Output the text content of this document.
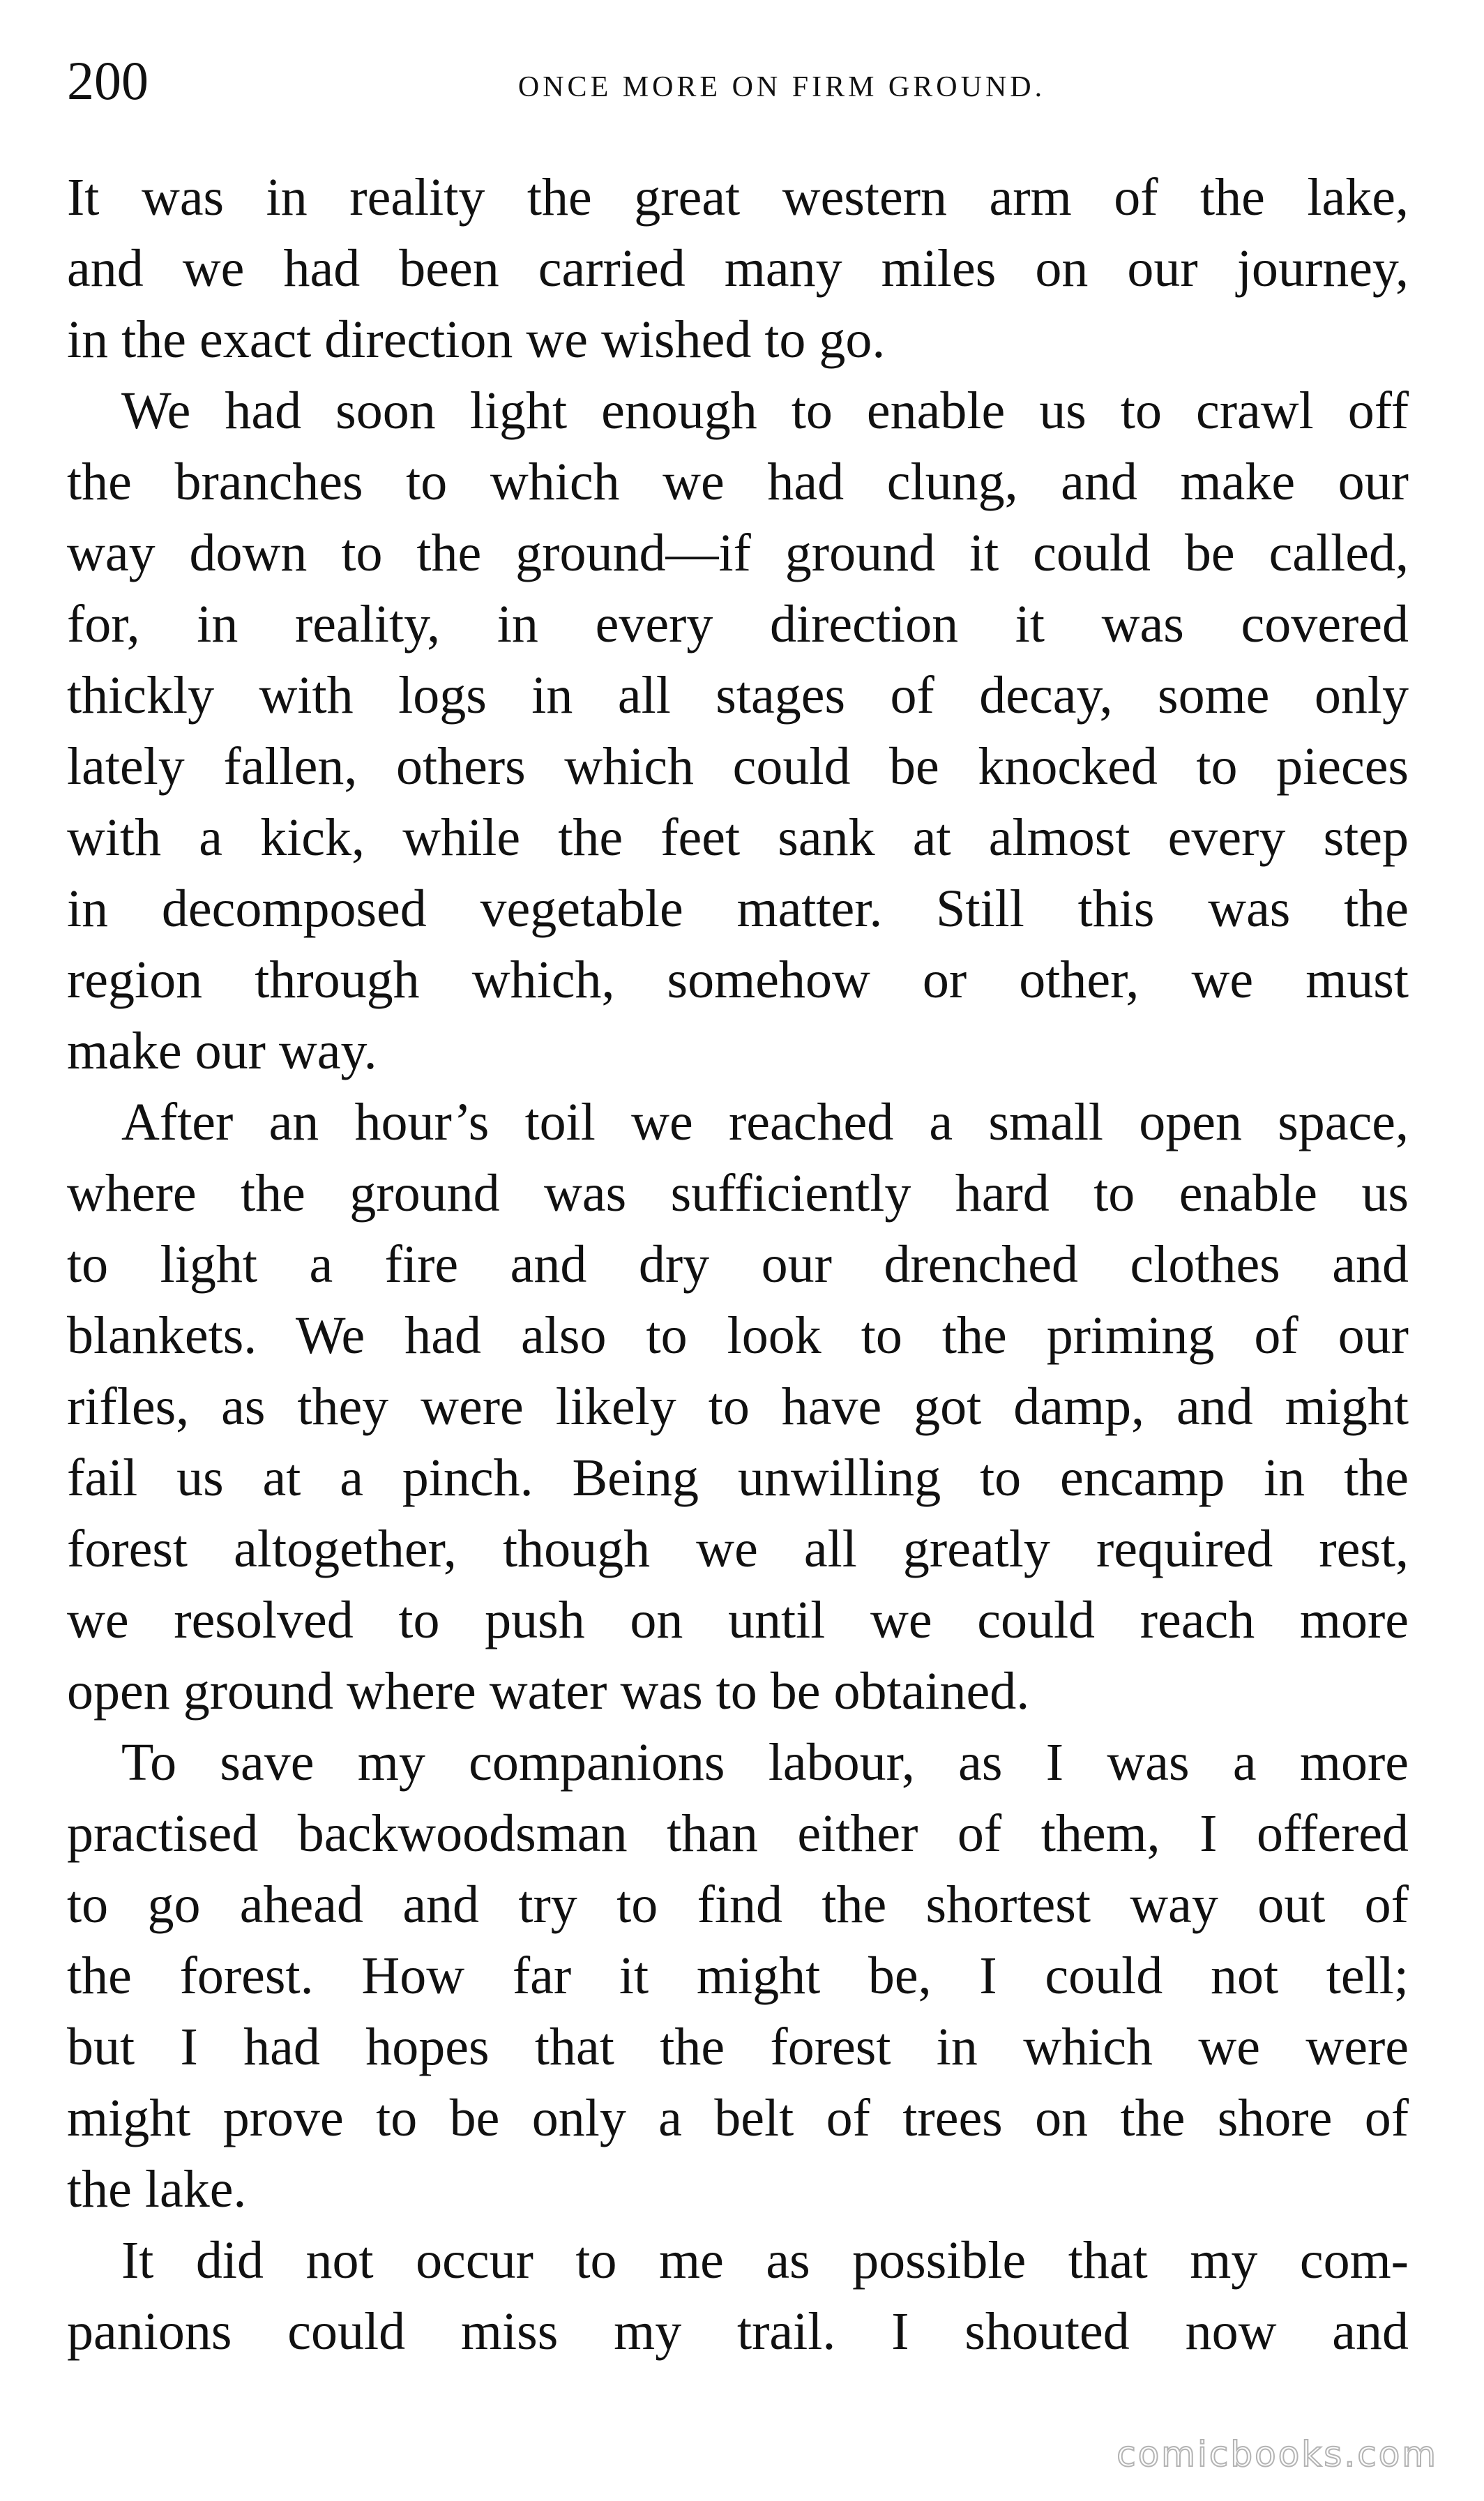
200	ONCE MORE ON FIRM GROUND.
It was in reality the great western arm of the lake,
and we had been carried many miles on our journey,
in the exact direction we wished to go.
We had soon light enough to enable us to crawl off
the branches to which we had clung, and make our
way down to the ground—if ground it could be called,
for, in reality, in every direction it was covered
thickly with logs in all stages of decay, some only
lately fallen, others which could be knocked to pieces
with a kick, while the feet sank at almost every step
in decomposed vegetable matter. Still this was the
region through which, somehow or other, we must
make our way.
After an hour’s toil we reached a small open space,
where the ground was sufficiently hard to enable us
to light a fire and dry our drenched clothes and
blankets. We had also to look to the priming of our
rifles, as they were likely to have got damp, and might
fail us at a pinch. Being unwilling to encamp in the
forest altogether, though we all greatly required rest,
we resolved to push on until we could reach more
open ground where water was to be obtained.
To save my companions labour, as I was a more
practised backwoodsman than either of them, I offered
to go ahead and try to find the shortest way out of
the forest. How far it might be, I could not tell;
but I had hopes that the forest in which we were
might prove to be only a belt of trees on the shore of
the lake.
It did not occur to me as possible that my com-
panions could miss my trail. I shouted now and
comicbooks.com
